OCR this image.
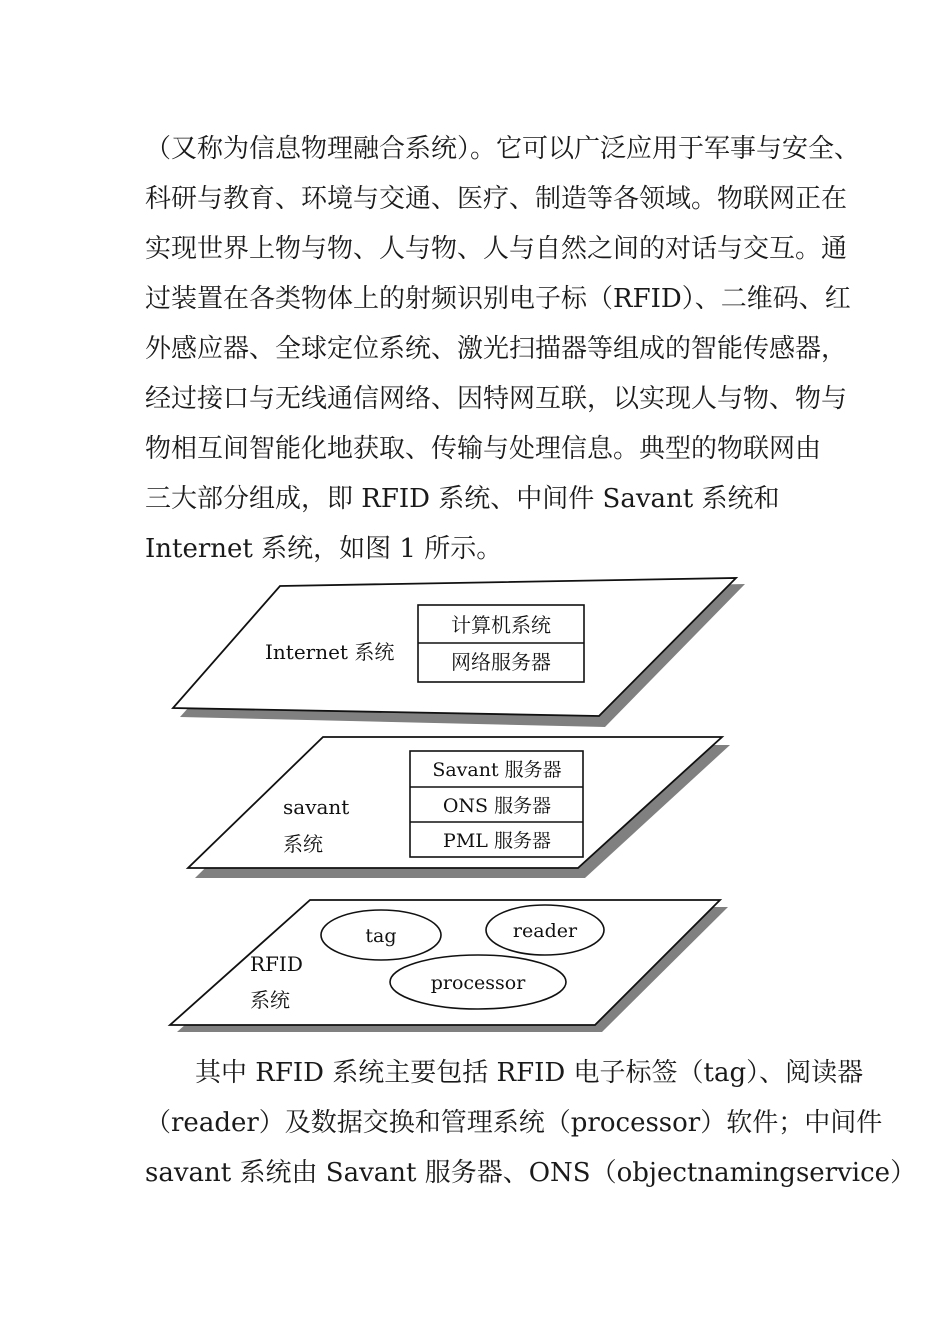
（又称为信息物理融合系统）。它可以广泛应用于军事与安全、
科研与教育、环境与交通、医疗、制造等各领域。物联网正在
实现世界上物与物、人与物、人与自然之间的对话与交互。通
过装置在各类物体上的射频识别电子标（RFID）、二维码、红
外感应器、全球定位系统、激光扫描器等组成的智能传感器，
经过接口与无线通信网络、因特网互联，以实现人与物、物与
物相互间智能化地获取、传输与处理信息。典型的物联网由
三大部分组成，即 RFID 系统、中间件 Savant 系统和
Internet 系统，如图 1 所示。
Internet 系统
计算机系统
网络服务器
savant
系统
Savant 服务器
ONS 服务器
PML 服务器
RFID
系统
tag	reader
processor
其中 RFID 系统主要包括 RFID 电子标签（tag）、阅读器
（reader）及数据交换和管理系统（processor）软件；中间件
savant 系统由 Savant 服务器、ONS（objectnamingservice）
